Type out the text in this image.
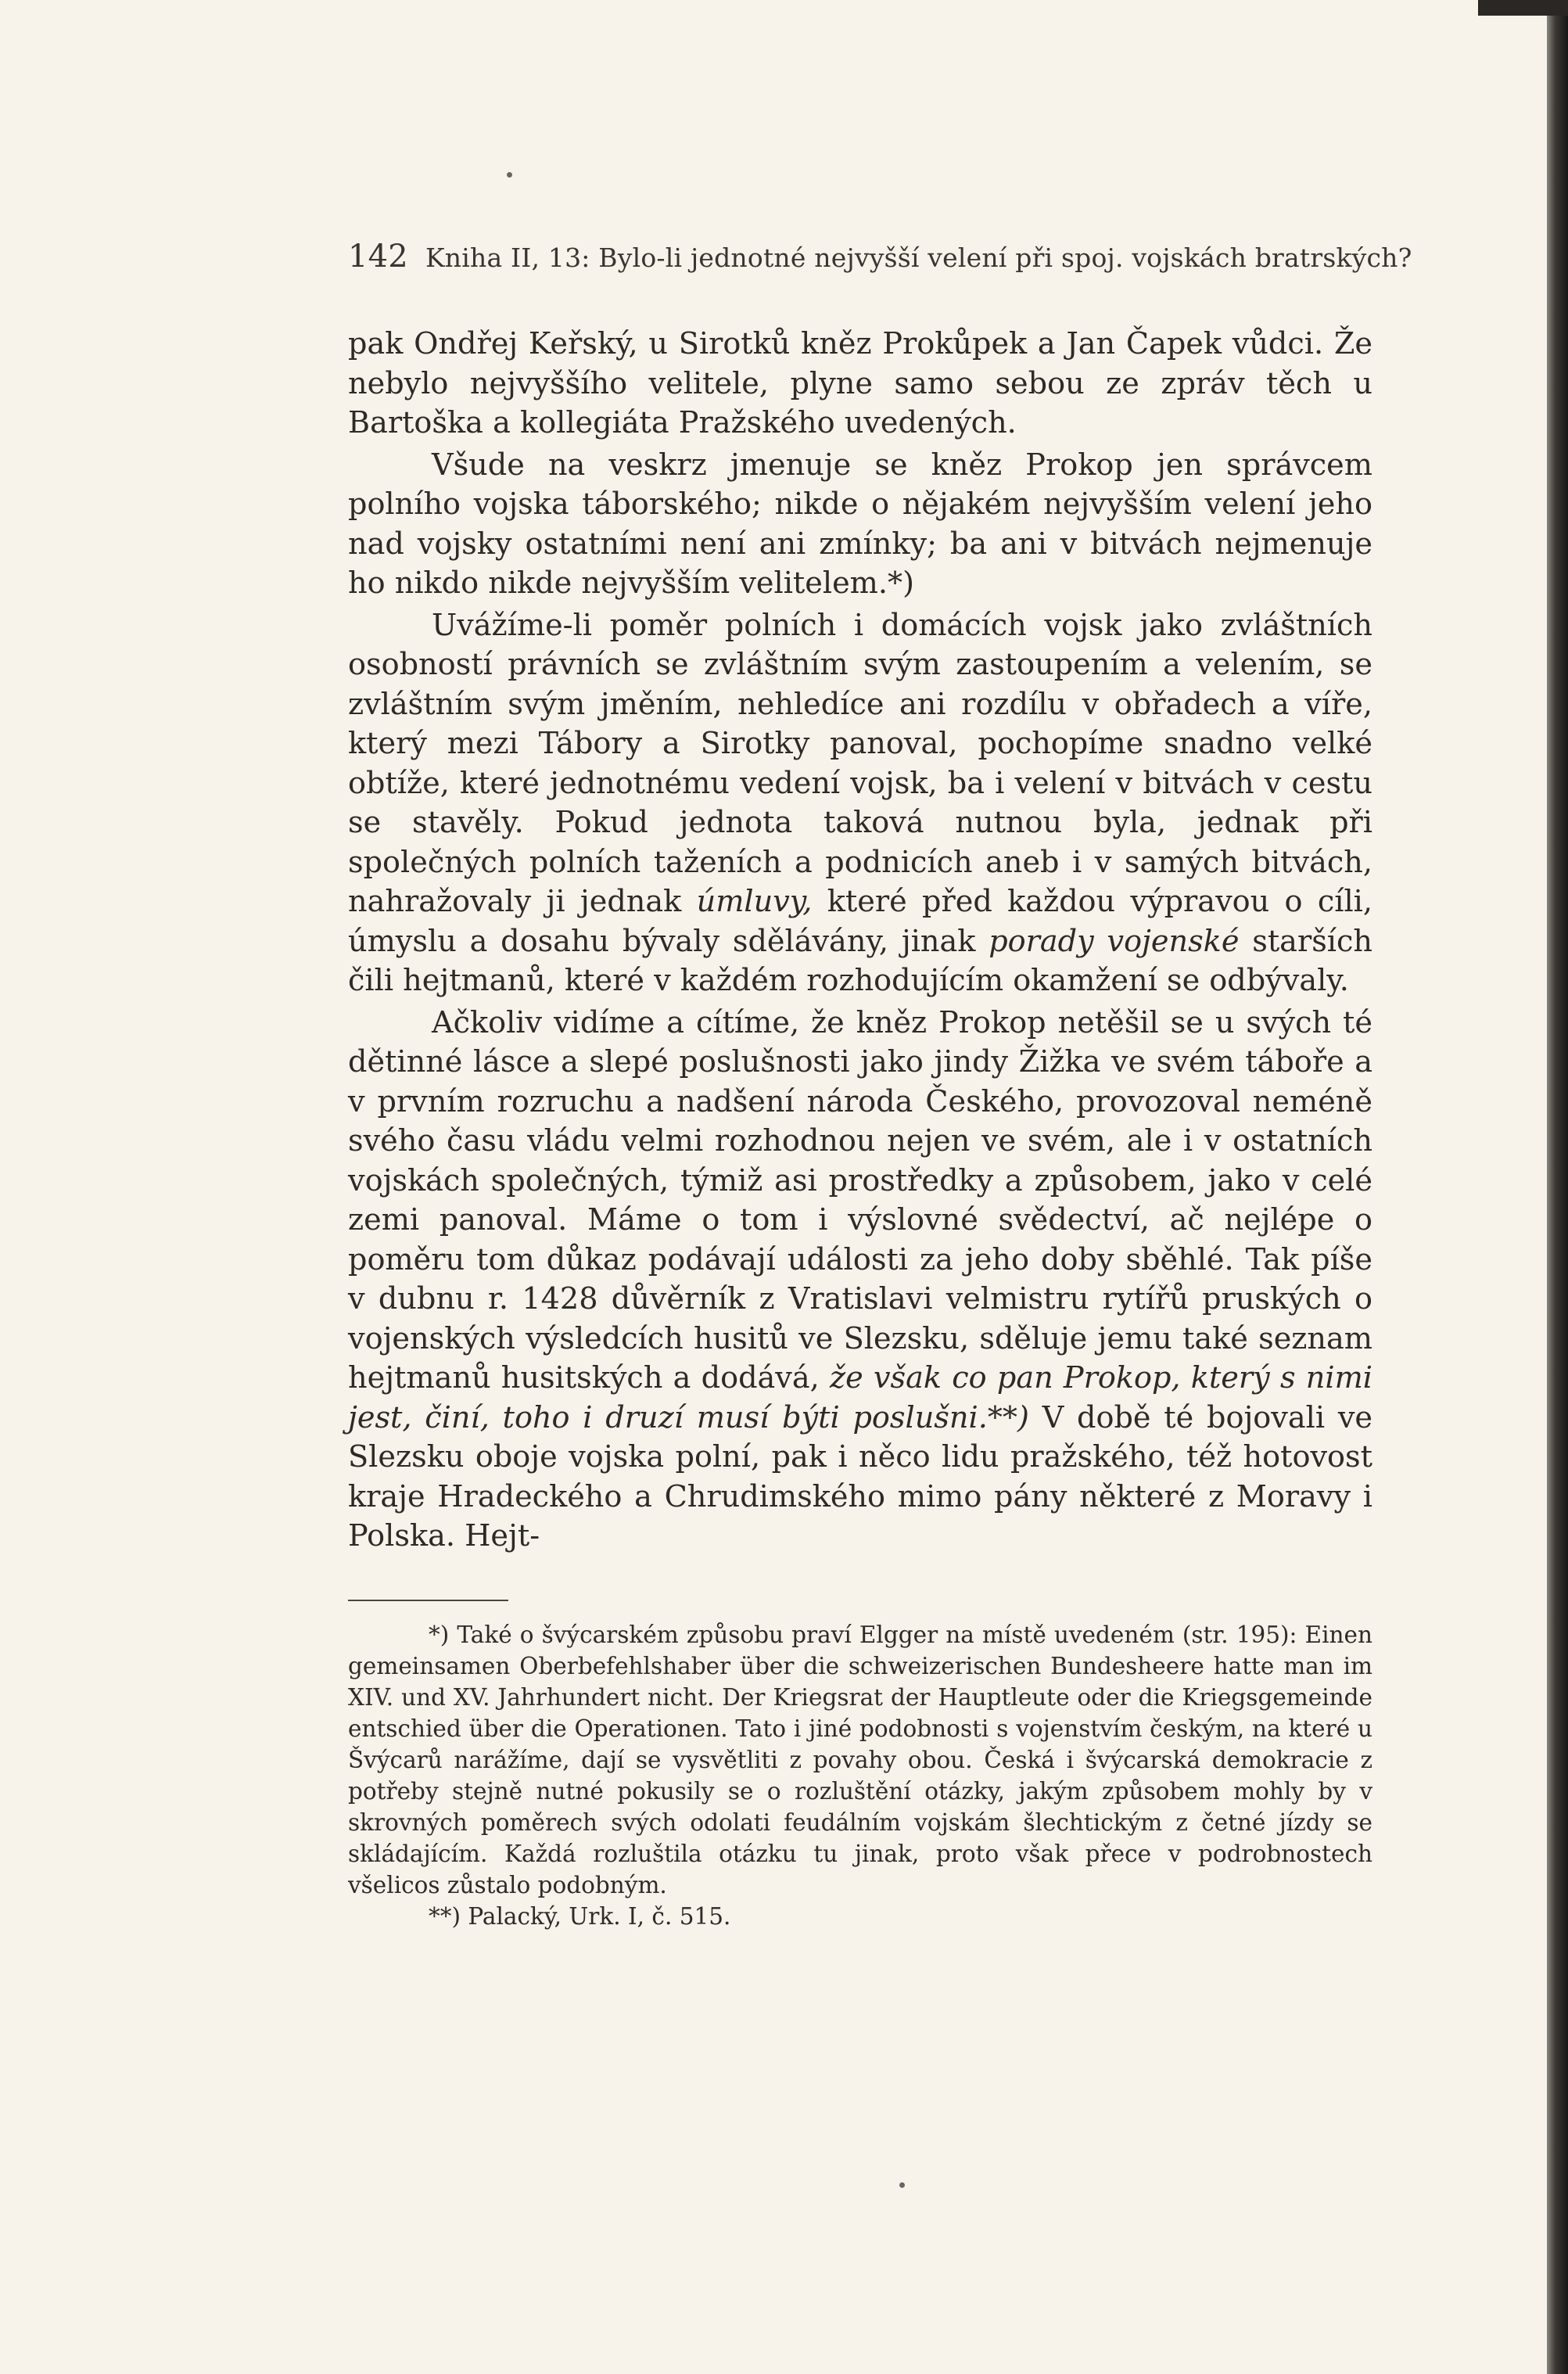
142 Kniha II, 13: Bylo-li jednotné nejvyšší velení při spoj. vojskách bratrských?

pak Ondřej Keřský, u Sirotků kněz Prokůpek a Jan Čapek vůdci. Že nebylo nejvyššího velitele, plyne samo sebou ze zpráv těch u Bartoška a kollegiáta Pražského uvedených.

Všude na veskrz jmenuje se kněz Prokop jen správcem polního vojska táborského; nikde o nějakém nejvyšším velení jeho nad vojsky ostatními není ani zmínky; ba ani v bitvách nejmenuje ho nikdo nikde nejvyšším velitelem.*)

Uvážíme-li poměr polních i domácích vojsk jako zvláštních osobností právních se zvláštním svým zastoupením a velením, se zvláštním svým jměním, nehledíce ani rozdílu v obřadech a víře, který mezi Tábory a Sirotky panoval, pochopíme snadno velké obtíže, které jednotnému vedení vojsk, ba i velení v bitvách v cestu se stavěly. Pokud jednota taková nutnou byla, jednak při společných polních taženích a podnicích aneb i v samých bitvách, nahražovaly ji jednak úmluvy, které před každou výpravou o cíli, úmyslu a dosahu bývaly sdělávány, jinak porady vojenské starších čili hejtmanů, které v každém rozhodujícím okamžení se odbývaly.

Ačkoliv vidíme a cítíme, že kněz Prokop netěšil se u svých té dětinné lásce a slepé poslušnosti jako jindy Žižka ve svém táboře a v prvním rozruchu a nadšení národa Českého, provozoval neméně svého času vládu velmi rozhodnou nejen ve svém, ale i v ostatních vojskách společných, týmiž asi prostředky a způsobem, jako v celé zemi panoval. Máme o tom i výslovné svědectví, ač nejlépe o poměru tom důkaz podávají události za jeho doby sběhlé. Tak píše v dubnu r. 1428 důvěrník z Vratislavi velmistru rytířů pruských o vojenských výsledcích husitů ve Slezsku, sděluje jemu také seznam hejtmanů husitských a dodává, že však co pan Prokop, který s nimi jest, činí, toho i druzí musí býti poslušni.**) V době té bojovali ve Slezsku oboje vojska polní, pak i něco lidu pražského, též hotovost kraje Hradeckého a Chrudimského mimo pány některé z Moravy i Polska. Hejt-

*) Také o švýcarském způsobu praví Elgger na místě uvedeném (str. 195): Einen gemeinsamen Oberbefehlshaber über die schweizerischen Bundesheere hatte man im XIV. und XV. Jahrhundert nicht. Der Kriegsrat der Hauptleute oder die Kriegsgemeinde entschied über die Operationen. Tato i jiné podobnosti s vojenstvím českým, na které u Švýcarů narážíme, dají se vysvětliti z povahy obou. Česká i švýcarská demokracie z potřeby stejně nutné pokusily se o rozluštění otázky, jakým způsobem mohly by v skrovných poměrech svých odolati feudálním vojskám šlechtickým z četné jízdy se skládajícím. Každá rozluštila otázku tu jinak, proto však přece v podrobnostech všelicos zůstalo podobným.

**) Palacký, Urk. I, č. 515.
